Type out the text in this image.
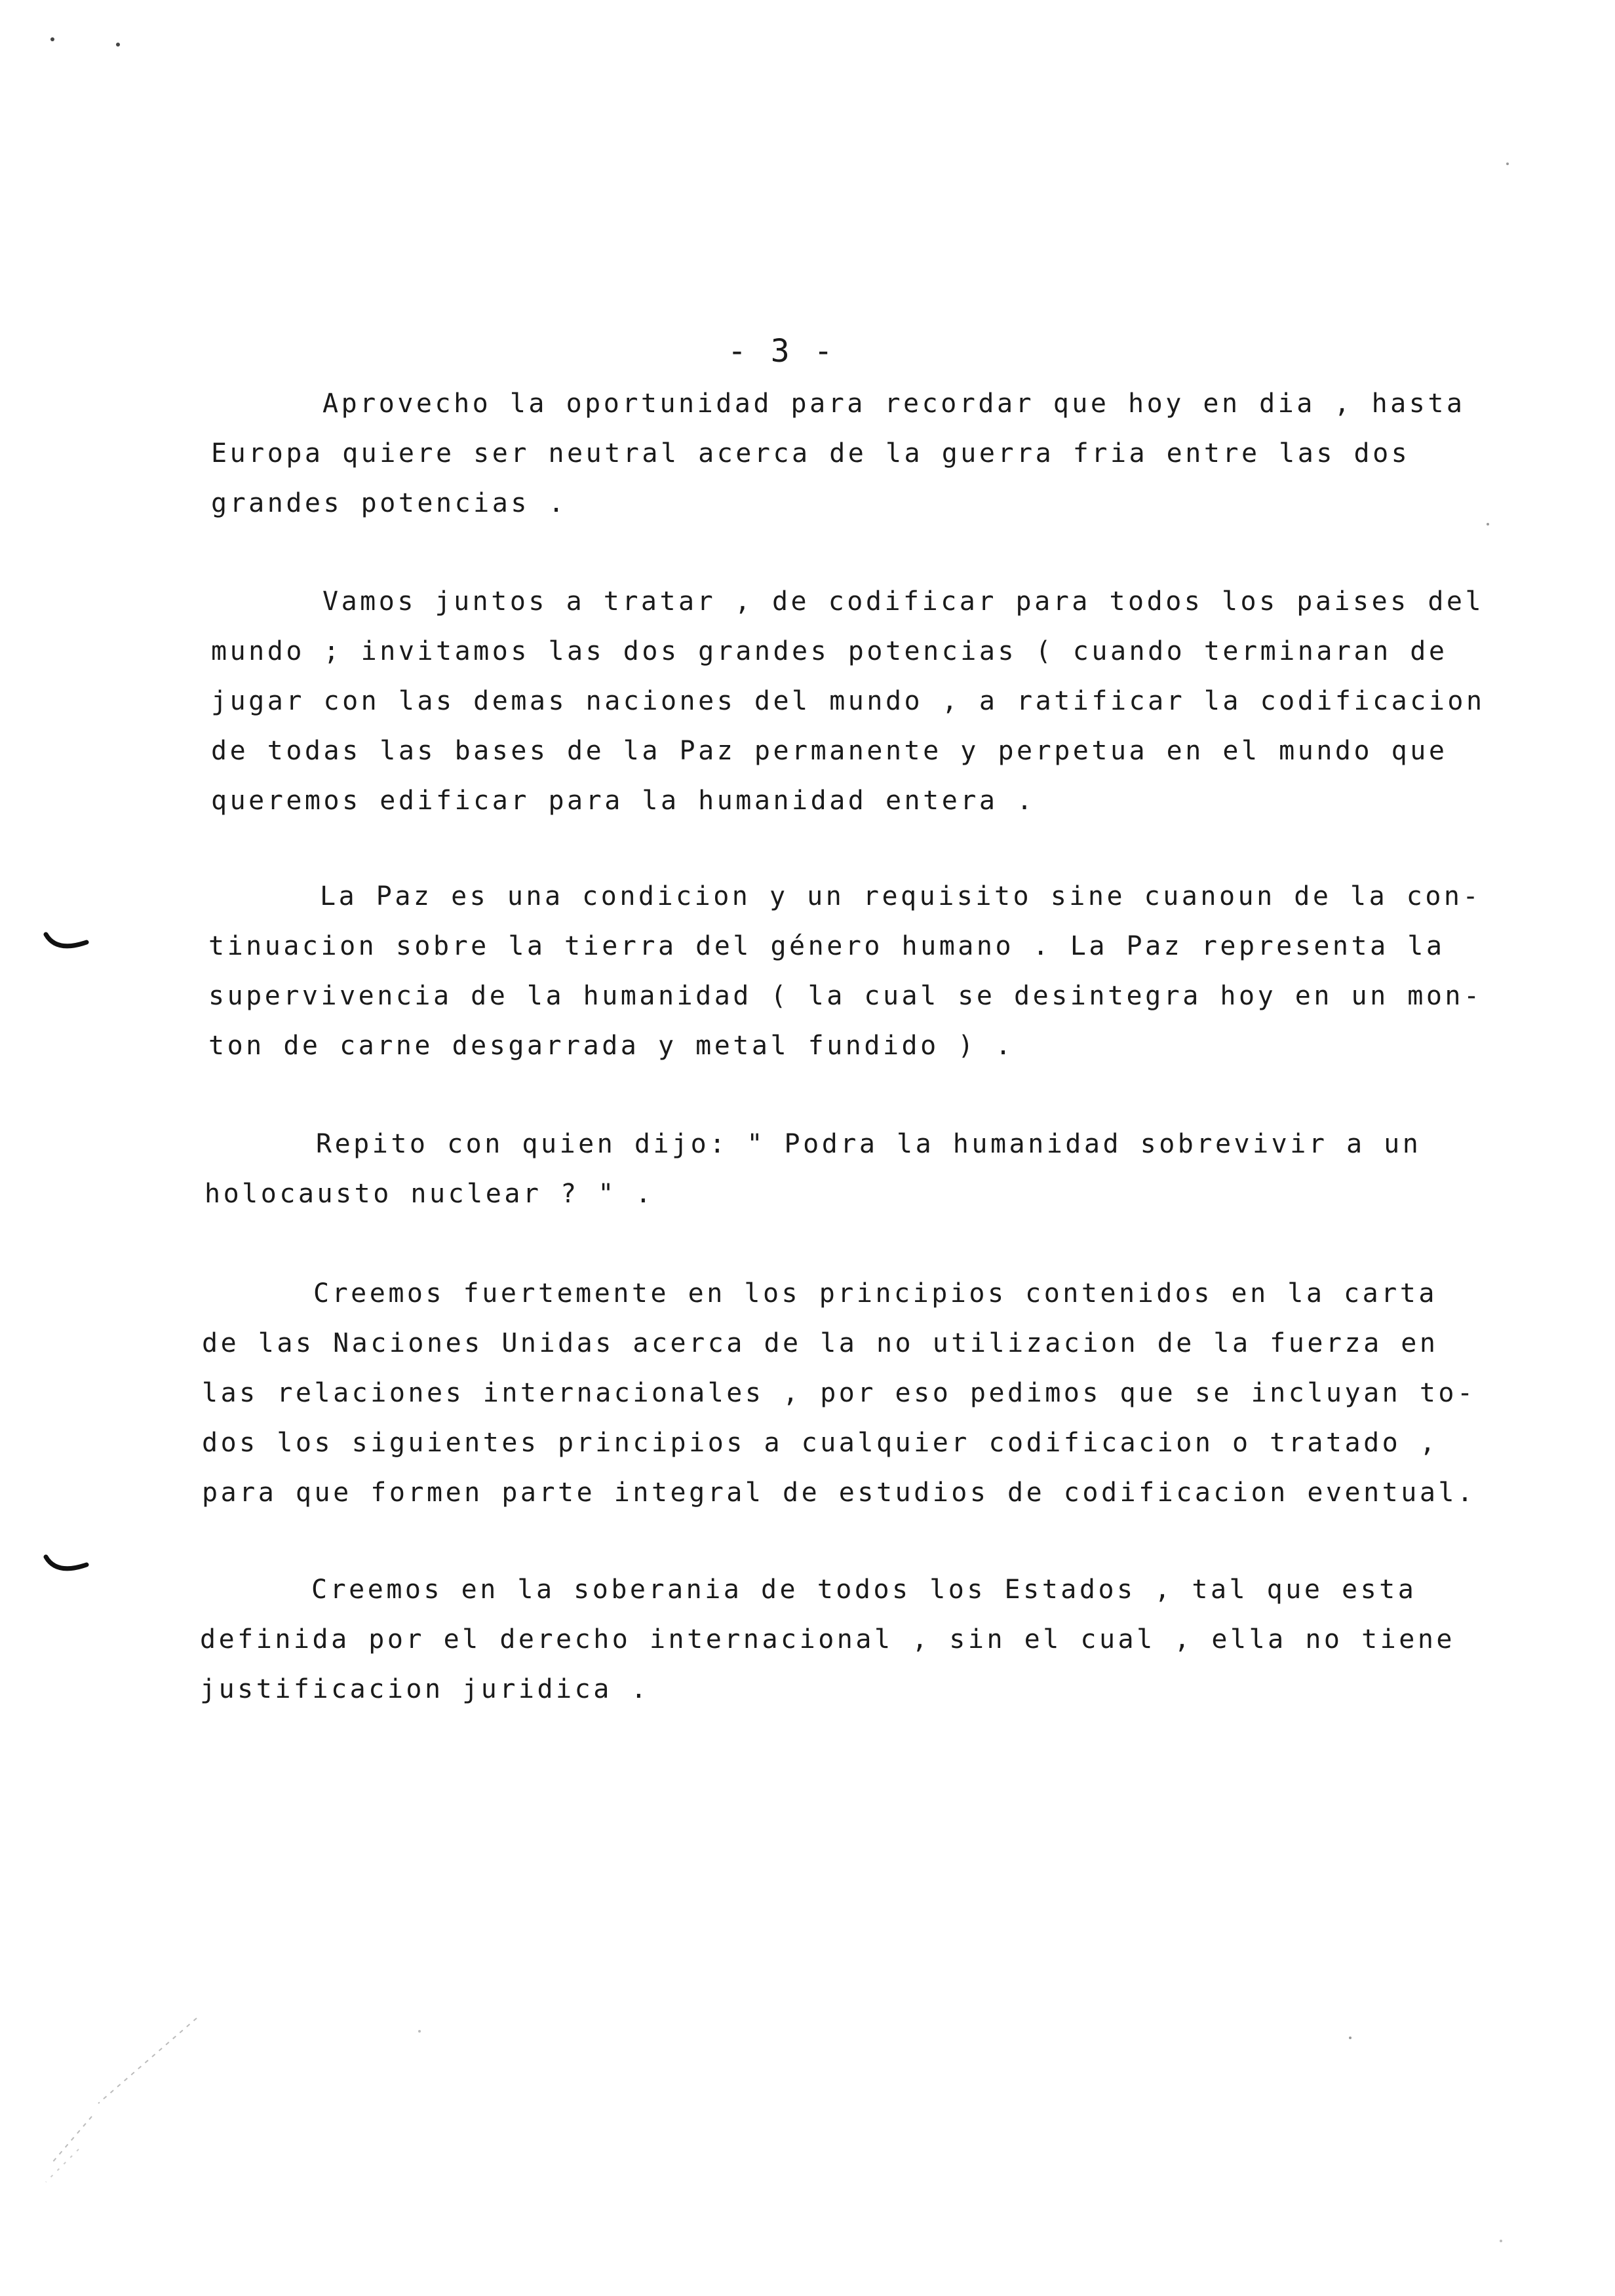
- 3 -

Aprovecho la oportunidad para recordar que hoy en dia , hasta
Europa quiere ser neutral acerca de la guerra fria entre las dos
grandes potencias .

Vamos juntos a tratar , de codificar para todos los paises del
mundo ; invitamos las dos grandes potencias ( cuando terminaran de
jugar con las demas naciones del mundo , a ratificar la codificacion
de todas las bases de la Paz permanente y perpetua en el mundo que
queremos edificar para la humanidad entera .

La Paz es una condicion y un requisito sine cuanoun de la con-
tinuacion sobre la tierra del género humano . La Paz representa la
supervivencia de la humanidad ( la cual se desintegra hoy en un mon-
ton de carne desgarrada y metal fundido ) .

Repito con quien dijo: " Podra la humanidad sobrevivir a un
holocausto nuclear ? " .

Creemos fuertemente en los principios contenidos en la carta
de las Naciones Unidas acerca de la no utilizacion de la fuerza en
las relaciones internacionales , por eso pedimos que se incluyan to-
dos los siguientes principios a cualquier codificacion o tratado ,
para que formen parte integral de estudios de codificacion eventual.

Creemos en la soberania de todos los Estados , tal que esta
definida por el derecho internacional , sin el cual , ella no tiene
justificacion juridica .
